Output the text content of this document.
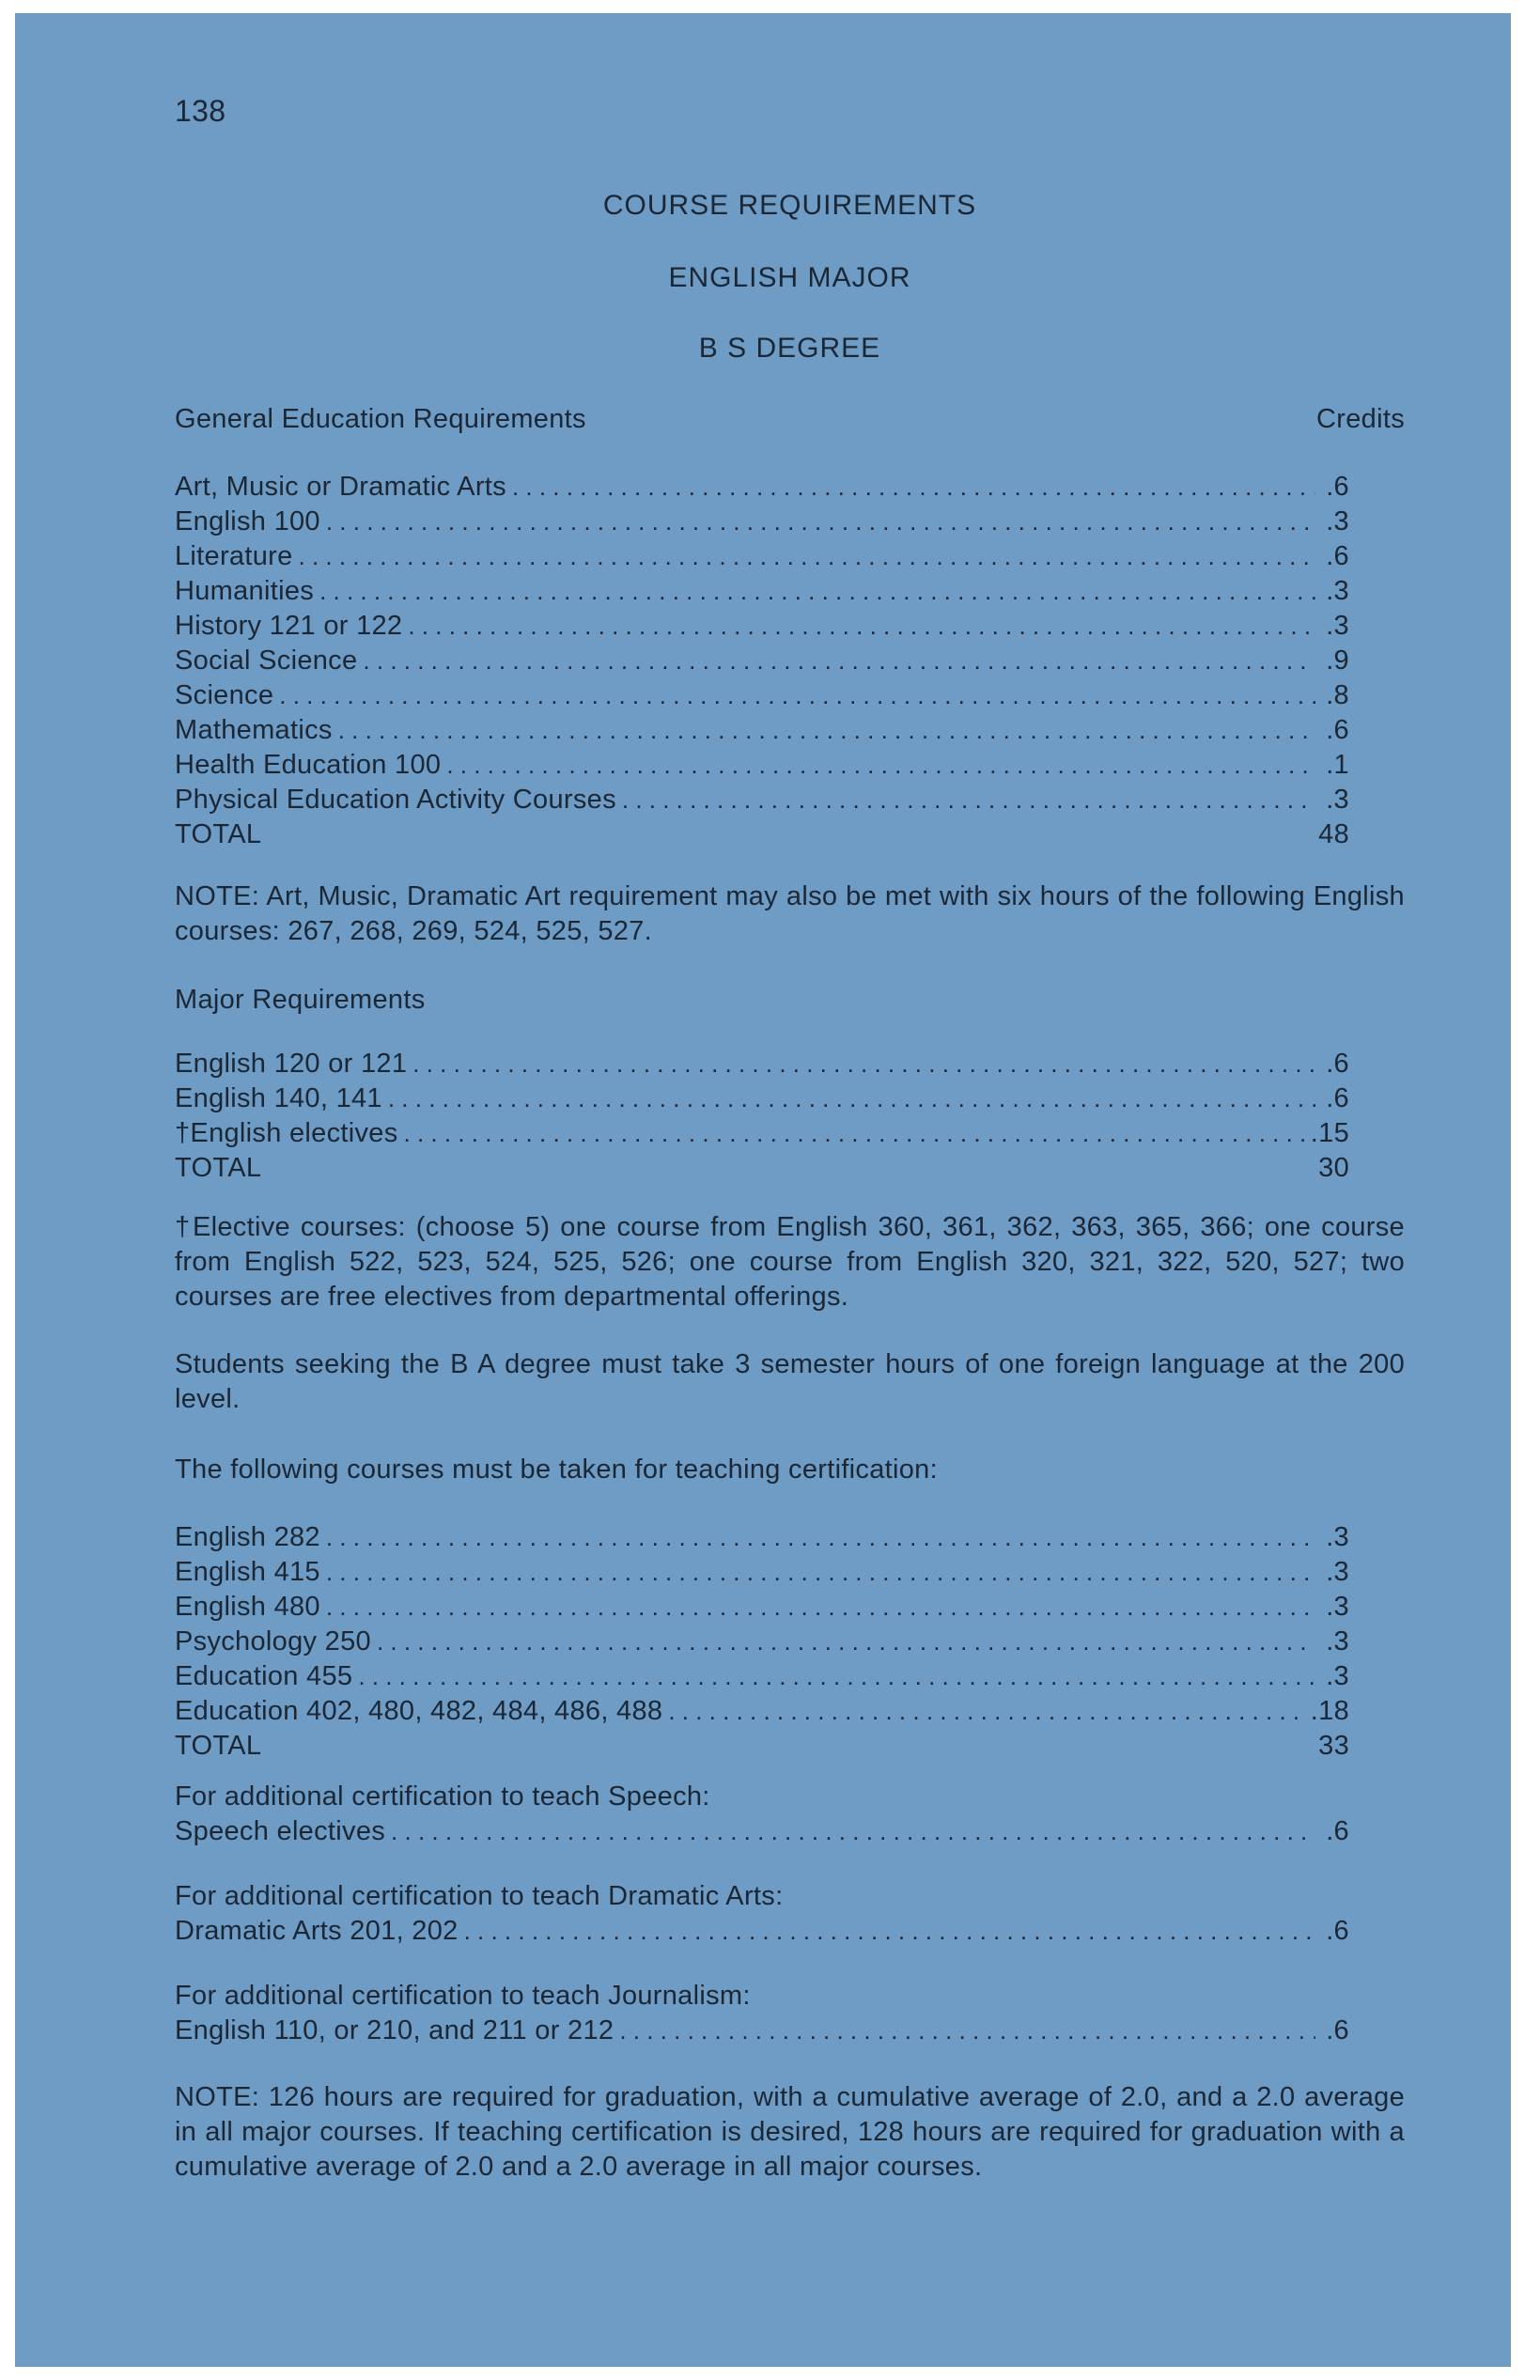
138
COURSE REQUIREMENTS
ENGLISH MAJOR
B S DEGREE
General Education Requirements	Credits
Art, Music or Dramatic Arts . . .	.6
English 100 . . .	.3
Literature . . .	.6
Humanities . . .	.3
History 121 or 122 . . .	.3
Social Science . . .	.9
Science . . .	.8
Mathematics . . .	.6
Health Education 100 . . .	.1
Physical Education Activity Courses . . .	.3
TOTAL	48
NOTE: Art, Music, Dramatic Art requirement may also be met with six hours of the following English courses: 267, 268, 269, 524, 525, 527.
Major Requirements
English 120 or 121 . . .	.6
English 140, 141 . . .	.6
†English electives . . .	.15
TOTAL	30
†Elective courses: (choose 5) one course from English 360, 361, 362, 363, 365, 366; one course from English 522, 523, 524, 525, 526; one course from English 320, 321, 322, 520, 527; two courses are free electives from departmental offerings.
Students seeking the B A degree must take 3 semester hours of one foreign language at the 200 level.
The following courses must be taken for teaching certification:
English 282 . . .	.3
English 415 . . .	.3
English 480 . . .	.3
Psychology 250 . . .	.3
Education 455 . . .	.3
Education 402, 480, 482, 484, 486, 488 . . .	.18
TOTAL	33
For additional certification to teach Speech:
Speech electives . . .	.6
For additional certification to teach Dramatic Arts:
Dramatic Arts 201, 202 . . .	.6
For additional certification to teach Journalism:
English 110, or 210, and 211 or 212 . . .	.6
NOTE: 126 hours are required for graduation, with a cumulative average of 2.0, and a 2.0 average in all major courses. If teaching certification is desired, 128 hours are required for graduation with a cumulative average of 2.0 and a 2.0 average in all major courses.
